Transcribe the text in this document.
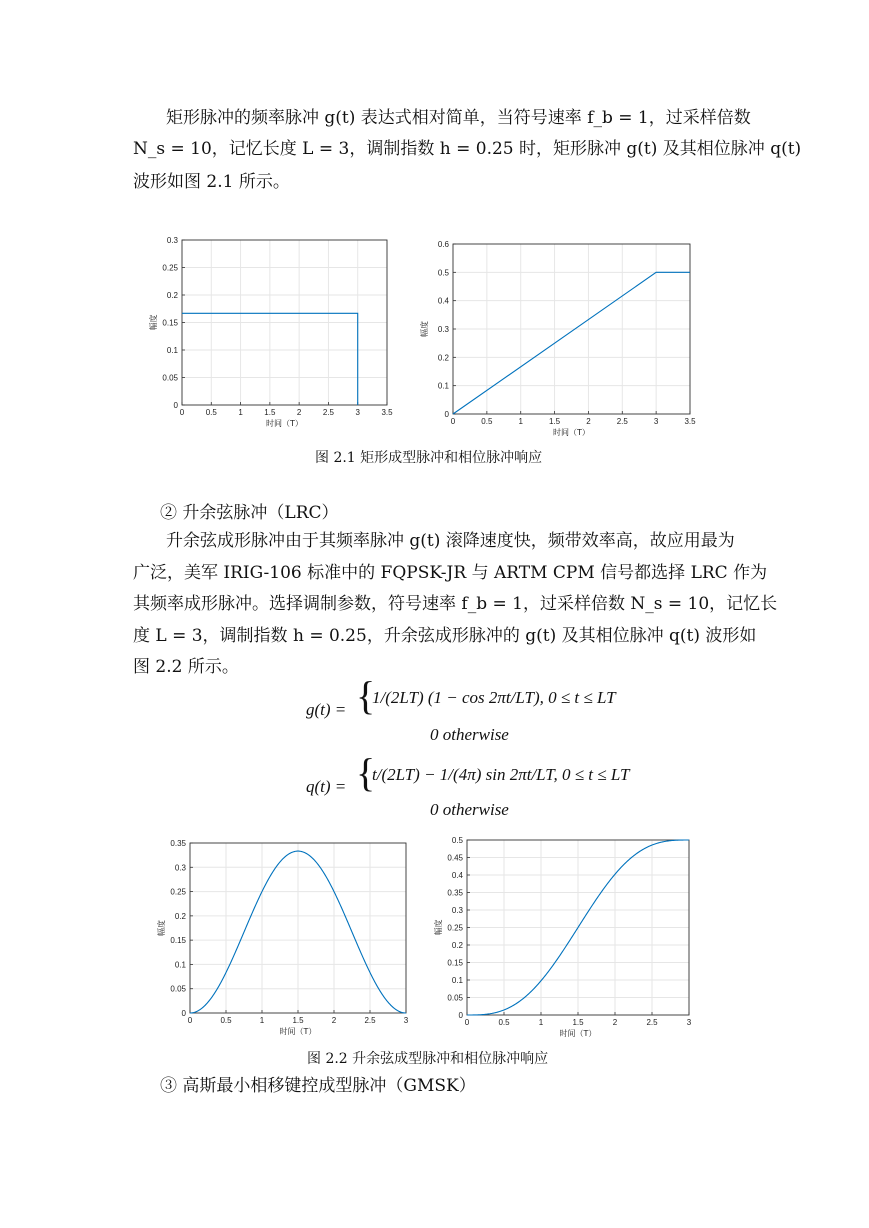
矩形脉冲的频率脉冲 g(t) 表达式相对简单，当符号速率 f_b = 1，过采样倍数
N_s = 10，记忆长度 L = 3，调制指数 h = 0.25 时，矩形脉冲 g(t) 及其相位脉冲 q(t)
波形如图 2.1 所示。
0	0.5	1	1.5	2	2.5	3	3.5
0
0.05
0.1
0.15
0.2
0.25
0.3
时间（T）
幅度
0	0.5	1	1.5	2	2.5	3	3.5
0
0.1
0.2
0.3
0.4
0.5
0.6
时间（T）
幅度
图 2.1 矩形成型脉冲和相位脉冲响应
② 升余弦脉冲（LRC）
升余弦成形脉冲由于其频率脉冲 g(t) 滚降速度快，频带效率高，故应用最为
广泛，美军 IRIG-106 标准中的 FQPSK-JR 与 ARTM CPM 信号都选择 LRC 作为
其频率成形脉冲。选择调制参数，符号速率 f_b = 1，过采样倍数 N_s = 10，记忆长
度 L = 3，调制指数 h = 0.25，升余弦成形脉冲的 g(t) 及其相位脉冲 q(t) 波形如
图 2.2 所示。
g(t) = {
1/(2LT) (1 − cos 2πt/LT), 0 ≤ t ≤ LT
0 otherwise
q(t) = {
t/(2LT) − 1/(4π) sin 2πt/LT, 0 ≤ t ≤ LT
0 otherwise
0	0.5	1	1.5	2	2.5	3
0
0.05
0.1
0.15
0.2
0.25
0.3
0.35
时间（T）
幅度
0	0.5	1	1.5	2	2.5	3
0
0.05
0.1
0.15
0.2
0.25
0.3
0.35
0.4
0.45
0.5
时间（T）
幅度
图 2.2 升余弦成型脉冲和相位脉冲响应
③ 高斯最小相移键控成型脉冲（GMSK）
